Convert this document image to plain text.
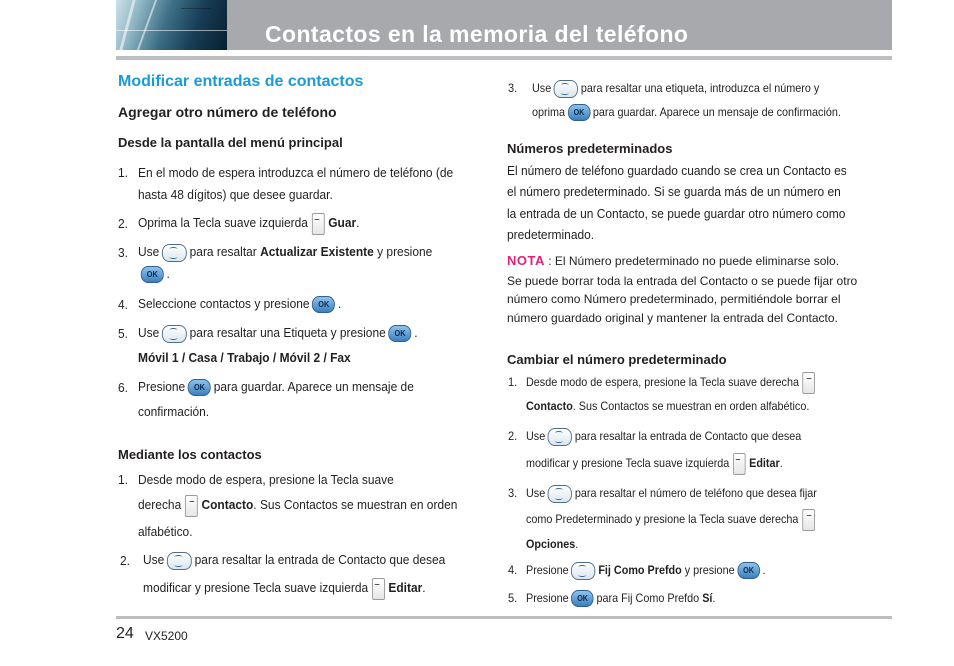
Contactos en la memoria del teléfono
Modificar entradas de contactos
Agregar otro número de teléfono
Desde la pantalla del menú principal
1. En el modo de espera introduzca el número de teléfono (de
hasta 48 dígitos) que desee guardar.
2. Oprima la Tecla suave izquierda Guar.
3. Use para resaltar Actualizar Existente y presione
OK .
4. Seleccione contactos y presione OK .
5. Use para resaltar una Etiqueta y presione OK .
Móvil 1 / Casa / Trabajo / Móvil 2 / Fax
6. Presione OK para guardar. Aparece un mensaje de
confirmación.
Mediante los contactos
1. Desde modo de espera, presione la Tecla suave
derecha Contacto. Sus Contactos se muestran en orden
alfabético.
2. Use para resaltar la entrada de Contacto que desea
modificar y presione Tecla suave izquierda Editar.
3. Use para resaltar una etiqueta, introduzca el número y
oprima OK para guardar. Aparece un mensaje de confirmación.
Números predeterminados
El número de teléfono guardado cuando se crea un Contacto es
el número predeterminado. Si se guarda más de un número en
la entrada de un Contacto, se puede guardar otro número como
predeterminado.
NOTA : El Número predeterminado no puede eliminarse solo.
Se puede borrar toda la entrada del Contacto o se puede fijar otro
número como Número predeterminado, permitiéndole borrar el
número guardado original y mantener la entrada del Contacto.
Cambiar el número predeterminado
1. Desde modo de espera, presione la Tecla suave derecha
Contacto. Sus Contactos se muestran en orden alfabético.
2. Use para resaltar la entrada de Contacto que desea
modificar y presione Tecla suave izquierda Editar.
3. Use para resaltar el número de teléfono que desea fijar
como Predeterminado y presione la Tecla suave derecha
Opciones.
4. Presione Fij Como Prefdo y presione OK .
5. Presione OK para Fij Como Prefdo Sí.
24 VX5200
